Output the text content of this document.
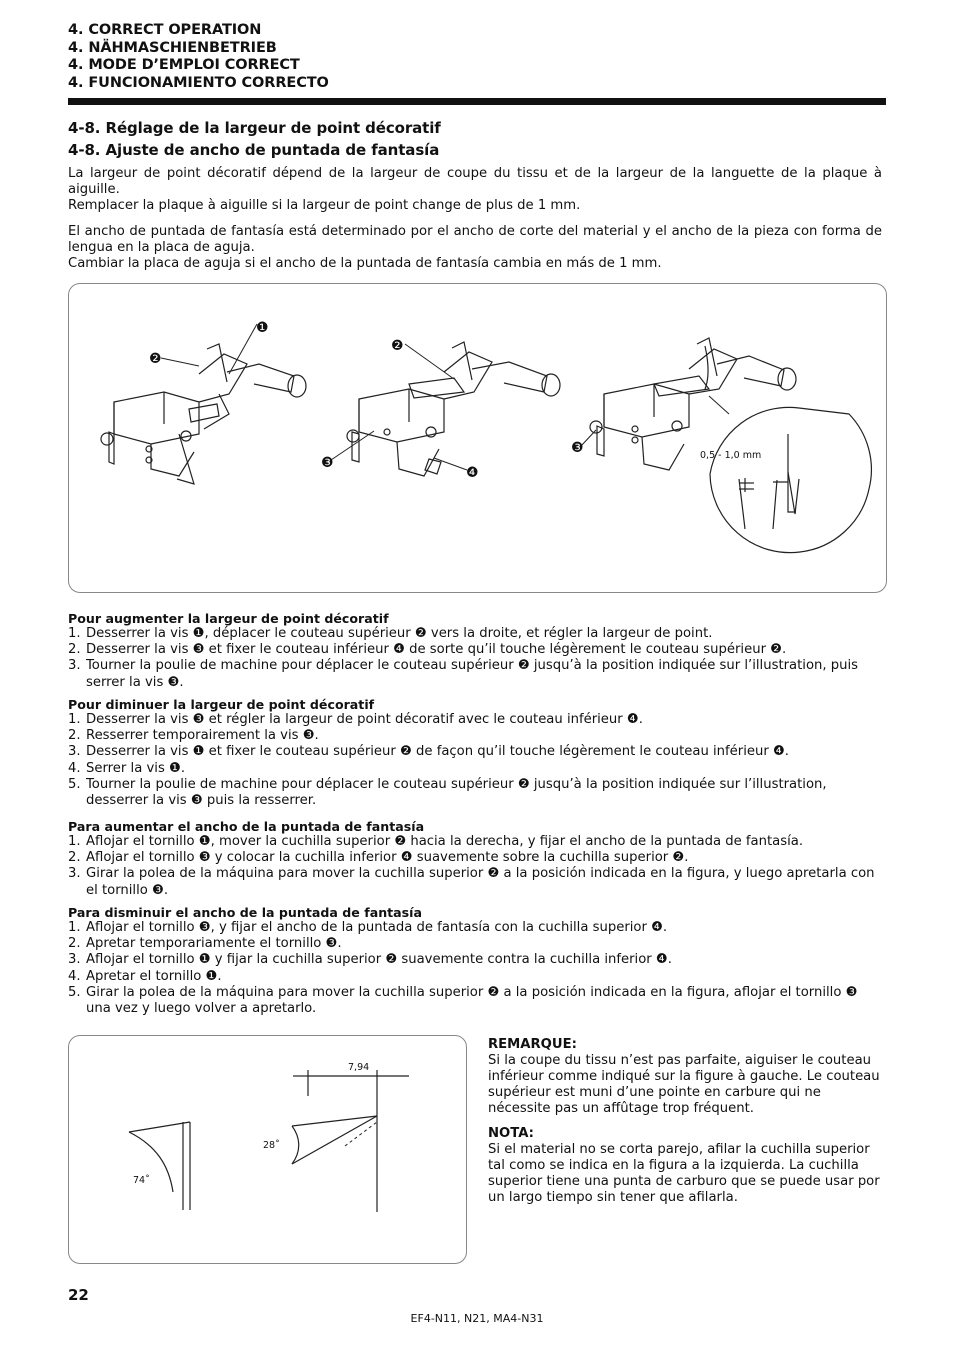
4. CORRECT OPERATION
4. NÄHMASCHIENBETRIEB
4. MODE D’EMPLOI CORRECT
4. FUNCIONAMIENTO CORRECTO
4-8. Réglage de la largeur de point décoratif
4-8. Ajuste de ancho de puntada de fantasía
La largeur de point décoratif dépend de la largeur de coupe du tissu et de la largeur de la languette de la plaque à aiguille.
Remplacer la plaque à aiguille si la largeur de point change de plus de 1 mm.
El ancho de puntada de fantasía está determinado por el ancho de corte del material y el ancho de la pieza con forma de lengua en la placa de aguja.
Cambiar la placa de aguja si el ancho de la puntada de fantasía cambia en más de 1 mm.
0,5 - 1,0 mm
❶
❷
❷
❸
❹
❸
Pour augmenter la largeur de point décoratif
1. Desserrer la vis ❶, déplacer le couteau supérieur ❷ vers la droite, et régler la largeur de point.
2. Desserrer la vis ❸ et fixer le couteau inférieur ❹ de sorte qu’il touche légèrement le couteau supérieur ❷.
3. Tourner la poulie de machine pour déplacer le couteau supérieur ❷ jusqu’à la position indiquée sur l’illustration, puis serrer la vis ❸.
Pour diminuer la largeur de point décoratif
1. Desserrer la vis ❸ et régler la largeur de point décoratif avec le couteau inférieur ❹.
2. Resserrer temporairement la vis ❸.
3. Desserrer la vis ❶ et fixer le couteau supérieur ❷ de façon qu’il touche légèrement le couteau inférieur ❹.
4. Serrer la vis ❶.
5. Tourner la poulie de machine pour déplacer le couteau supérieur ❷ jusqu’à la position indiquée sur l’illustration, desserrer la vis ❸ puis la resserrer.
Para aumentar el ancho de la puntada de fantasía
1. Aflojar el tornillo ❶, mover la cuchilla superior ❷ hacia la derecha, y fijar el ancho de la puntada de fantasía.
2. Aflojar el tornillo ❸ y colocar la cuchilla inferior ❹ suavemente sobre la cuchilla superior ❷.
3. Girar la polea de la máquina para mover la cuchilla superior ❷ a la posición indicada en la figura, y luego apretarla con el tornillo ❸.
Para disminuir el ancho de la puntada de fantasía
1. Aflojar el tornillo ❸, y fijar el ancho de la puntada de fantasía con la cuchilla superior ❹.
2. Apretar temporariamente el tornillo ❸.
3. Aflojar el tornillo ❶ y fijar la cuchilla superior ❷ suavemente contra la cuchilla inferior ❹.
4. Apretar el tornillo ❶.
5. Girar la polea de la máquina para mover la cuchilla superior ❷ a la posición indicada en la figura, aflojar el tornillo ❸ una vez y luego volver a apretarlo.
7,94
28˚
74˚
REMARQUE:
Si la coupe du tissu n’est pas parfaite, aiguiser le couteau inférieur comme indiqué sur la figure à gauche. Le couteau supérieur est muni d’une pointe en carbure qui ne nécessite pas un affûtage trop fréquent.
NOTA:
Si el material no se corta parejo, afilar la cuchilla superior tal como se indica en la figura a la izquierda. La cuchilla superior tiene una punta de carburo que se puede usar por un largo tiempo sin tener que afilarla.
22
EF4-N11, N21, MA4-N31
